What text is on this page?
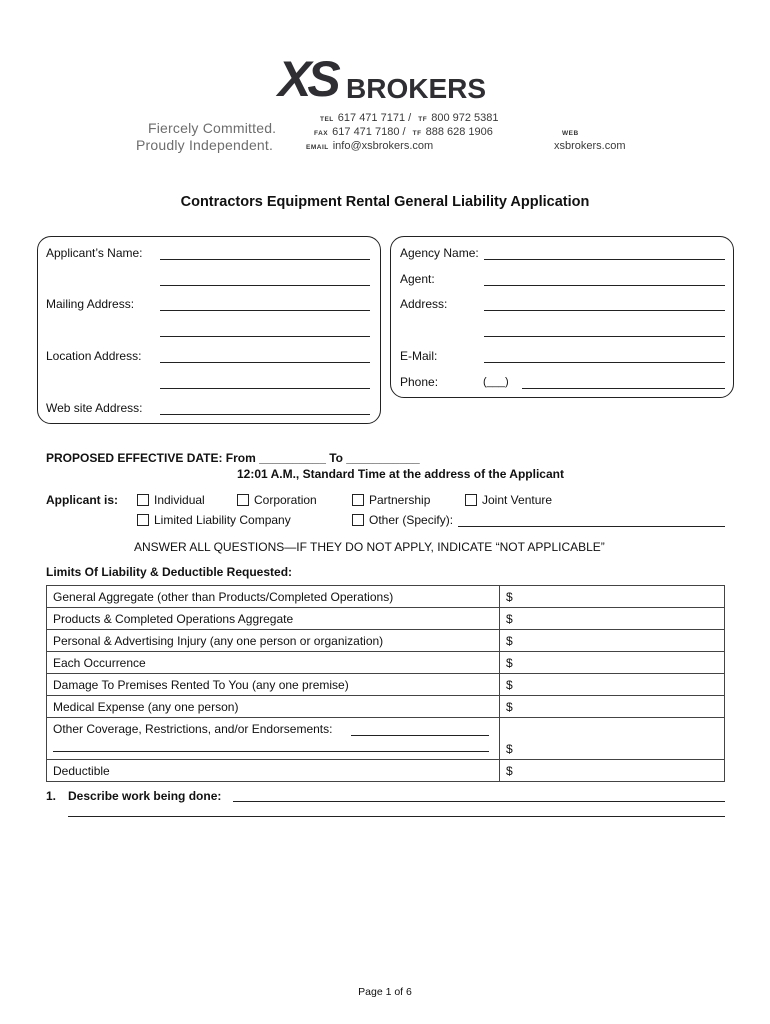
XS BROKERS
Fiercely Committed.
Proudly Independent.
TEL 617 471 7171 / TF 800 972 5381
FAX 617 471 7180 / TF 888 628 1906
EMAIL info@xsbrokers.com
WEB
xsbrokers.com
Contractors Equipment Rental General Liability Application
Applicant’s Name:
Mailing Address:
Location Address:
Web site Address:
Agency Name:
Agent:
Address:
E-Mail:
Phone:	(___)
PROPOSED EFFECTIVE DATE: From __________ To ___________
12:01 A.M., Standard Time at the address of the Applicant
Applicant is:	Individual	Corporation	Partnership	Joint Venture
Limited Liability Company	Other (Specify):
ANSWER ALL QUESTIONS—IF THEY DO NOT APPLY, INDICATE “NOT APPLICABLE”
Limits Of Liability & Deductible Requested:
General Aggregate (other than Products/Completed Operations)	$
Products & Completed Operations Aggregate	$
Personal & Advertising Injury (any one person or organization)	$
Each Occurrence	$
Damage To Premises Rented To You (any one premise)	$
Medical Expense (any one person)	$
Other Coverage, Restrictions, and/or Endorsements:	$
Deductible	$
1. Describe work being done:
Page 1 of 6
